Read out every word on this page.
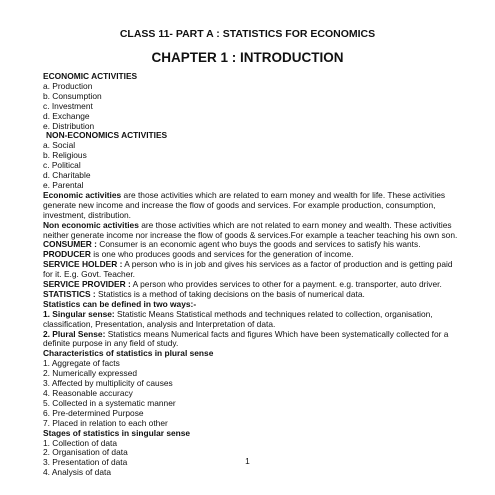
CLASS 11- PART A : STATISTICS FOR ECONOMICS
CHAPTER 1 : INTRODUCTION
ECONOMIC ACTIVITIES
a. Production
b. Consumption
c. Investment
d. Exchange
e. Distribution
NON-ECONOMICS ACTIVITIES
a. Social
b. Religious
c. Political
d. Charitable
e. Parental
Economic activities are those activities which are related to earn money and wealth for life. These activities generate new income and increase the flow of goods and services. For example production, consumption, investment, distribution.
Non economic activities are those activities which are not related to earn money and wealth. These activities neither generate income nor increase the flow of goods & services.For example a teacher teaching his own son.
CONSUMER : Consumer is an economic agent who buys the goods and services to satisfy his wants.
PRODUCER is one who produces goods and services for the generation of income.
SERVICE HOLDER : A person who is in job and gives his services as a factor of production and is getting paid for it. E.g. Govt. Teacher.
SERVICE PROVIDER : A person who provides services to other for a payment. e.g. transporter, auto driver.
STATISTICS : Statistics is a method of taking decisions on the basis of numerical data.
Statistics can be defined in two ways:-
1. Singular sense: Statistic Means Statistical methods and techniques related to collection, organisation, classification, Presentation, analysis and Interpretation of data.
2. Plural Sense: Statistics means Numerical facts and figures Which have been systematically collected for a definite purpose in any field of study.
Characteristics of statistics in plural sense
1. Aggregate of facts
2. Numerically expressed
3. Affected by multiplicity of causes
4. Reasonable accuracy
5. Collected in a systematic manner
6. Pre-determined Purpose
7. Placed in relation to each other
Stages of statistics in singular sense
1. Collection of data
2. Organisation of data
3. Presentation of data
4. Analysis of data
1
